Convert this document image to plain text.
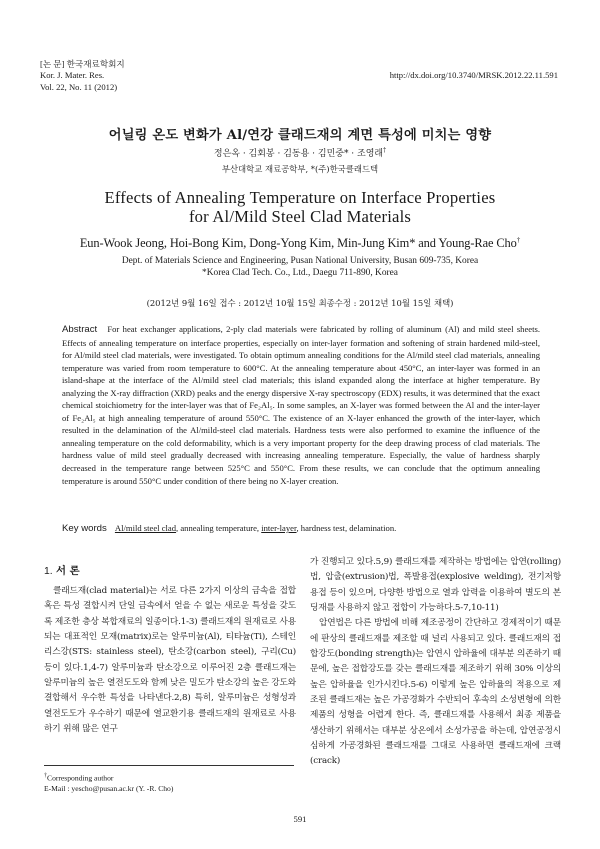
[논 문] 한국재료학회지
Kor. J. Mater. Res.
Vol. 22, No. 11 (2012)
http://dx.doi.org/10.3740/MRSK.2012.22.11.591
어닐링 온도 변화가 Al/연강 클래드재의 계면 특성에 미치는 영향
정은옥 · 김회봉 · 김동용 · 김민중* · 조영래†
부산대학교 재료공학부, *(주)한국클래드텍
Effects of Annealing Temperature on Interface Properties
for Al/Mild Steel Clad Materials
Eun-Wook Jeong, Hoi-Bong Kim, Dong-Yong Kim, Min-Jung Kim* and Young-Rae Cho†
Dept. of Materials Science and Engineering, Pusan National University, Busan 609-735, Korea
*Korea Clad Tech. Co., Ltd., Daegu 711-890, Korea
(2012년 9월 16일 접수 : 2012년 10월 15일 최종수정 : 2012년 10월 15일 채택)
Abstract For heat exchanger applications, 2-ply clad materials were fabricated by rolling of aluminum (Al) and mild steel sheets. Effects of annealing temperature on interface properties, especially on inter-layer formation and softening of strain hardened mild-steel, for Al/mild steel clad materials, were investigated. To obtain optimum annealing conditions for the Al/mild steel clad materials, annealing temperature was varied from room temperature to 600°C. At the annealing temperature about 450°C, an inter-layer was formed in an island-shape at the interface of the Al/mild steel clad materials; this island expanded along the interface at higher temperature. By analyzing the X-ray diffraction (XRD) peaks and the energy dispersive X-ray spectroscopy (EDX) results, it was determined that the exact chemical stoichiometry for the inter-layer was that of Fe₂Al₅. In some samples, an X-layer was formed between the Al and the inter-layer of Fe₂Al₅ at high annealing temperature of around 550°C. The existence of an X-layer enhanced the growth of the inter-layer, which resulted in the delamination of the Al/mild-steel clad materials. Hardness tests were also performed to examine the influence of the annealing temperature on the cold deformability, which is a very important property for the deep drawing process of clad materials. The hardness value of mild steel gradually decreased with increasing annealing temperature. Especially, the value of hardness sharply decreased in the temperature range between 525°C and 550°C. From these results, we can conclude that the optimum annealing temperature is around 550°C under condition of there being no X-layer creation.
Key words Al/mild steel clad, annealing temperature, inter-layer, hardness test, delamination.
1. 서 론

클래드재(clad material)는 서로 다른 2가지 이상의 금속을 접합 혹은 특성 결합시켜 단일 금속에서 얻을 수 없는 새로운 특성을 갖도록 제조한 층상 복합재료의 일종이다.1-3) 클래드재의 원재료로 사용되는 대표적인 모재(matrix)로는 알루미늄(Al), 티타늄(Ti), 스테인리스강(STS: stainless steel), 탄소강(carbon steel), 구리(Cu) 등이 있다.1,4-7) 알루미늄과 탄소강으로 이루어진 2층 클래드재는 알루미늄의 높은 열전도도와 함께 낮은 밀도가 탄소강의 높은 강도와 결합해서 우수한 특성을 나타낸다.2,8) 특히, 알루미늄은 성형성과 열전도도가 우수하기 때문에 열교환기용 클래드재의 원재료로 사용하기 위해 많은 연구

가 진행되고 있다.5,9) 클래드재를 제작하는 방법에는 압연(rolling)법, 압출(extrusion)법, 폭발용접(explosive welding), 전기저항 용접 등이 있으며, 다양한 방법으로 열과 압력을 이용하여 별도의 본딩재를 사용하지 않고 접합이 가능하다.5-7,10-11)

압연법은 다른 방법에 비해 제조공정이 간단하고 경제적이기 때문에 판상의 클래드재를 제조할 때 널리 사용되고 있다. 클래드재의 접합강도(bonding strength)는 압연시 압하율에 대부분 의존하기 때문에, 높은 접합강도를 갖는 클래드재를 제조하기 위해 30% 이상의 높은 압하율을 인가시킨다.5-6) 이렇게 높은 압하율의 적용으로 제조된 클래드재는 높은 가공경화가 수반되어 후속의 소성변형에 의한 제품의 성형을 어렵게 한다. 즉, 클래드재를 사용해서 최종 제품을 생산하기 위해서는 대부분 상온에서 소성가공을 하는데, 압연공정시 심하게 가공경화된 클래드재를 그대로 사용하면 클래드재에 크랙(crack)

†Corresponding author
E-Mail : yescho@pusan.ac.kr (Y. -R. Cho)
591
